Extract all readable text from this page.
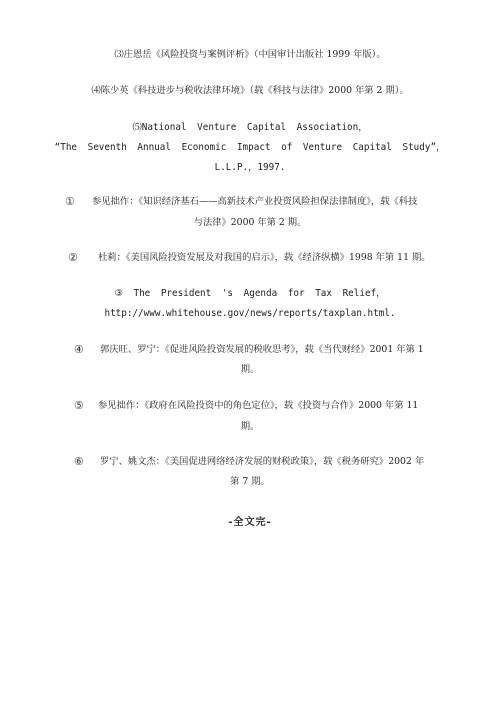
⑶庄恩岳《风险投资与案例评析》（中国审计出版社 1999 年版）。
⑷陈少英《科技进步与税收法律环境》（载《科技与法律》2000 年第 2 期）。
⑸National Venture Capital Association，
“The Seventh Annual Economic Impact of Venture Capital Study”，
L.L.P.，1997.
① 参见拙作：《知识经济基石——高新技术产业投资风险担保法律制度》，载《科技
与法律》2000 年第 2 期。
② 杜莉：《美国风险投资发展及对我国的启示》，载《经济纵横》1998 年第 11 期。
③ The President 's Agenda for Tax Relief，
http://www.whitehouse.gov/news/reports/taxplan.html.
④ 郭庆旺、罗宁：《促进风险投资发展的税收思考》，载《当代财经》2001 年第 1
期。
⑤ 参见拙作：《政府在风险投资中的角色定位》，载《投资与合作》2000 年第 11
期。
⑥ 罗宁、姚文杰：《美国促进网络经济发展的财税政策》，载《税务研究》2002 年
第 7 期。
-全文完-
